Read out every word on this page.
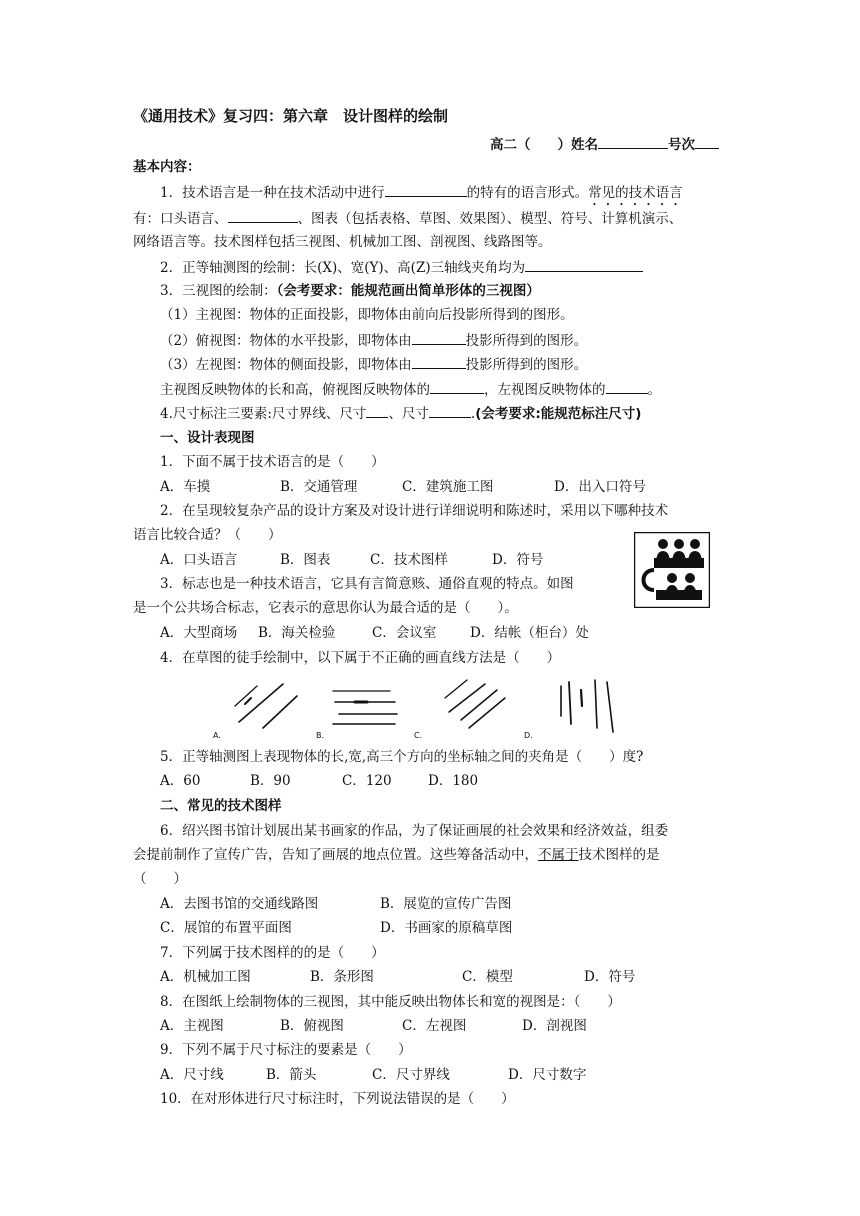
《通用技术》复习四：第六章　设计图样的绘制
高二（　　）姓名	号次
基本内容：
1．技术语言是一种在技术活动中进行	的特有的语言形式。常见的技术语言
有：口头语言、	、图表（包括表格、草图、效果图）、模型、符号、计算机演示、
网络语言等。技术图样包括三视图、机械加工图、剖视图、线路图等。
2．正等轴测图的绘制：长(X)、宽(Y)、高(Z)三轴线夹角均为
3．三视图的绘制：（会考要求：能规范画出简单形体的三视图）
（1）主视图：物体的正面投影，即物体由前向后投影所得到的图形。
（2）俯视图：物体的水平投影，即物体由	投影所得到的图形。
（3）左视图：物体的侧面投影，即物体由	投影所得到的图形。
主视图反映物体的长和高，俯视图反映物体的	，左视图反映物体的	。
4.尺寸标注三要素:尺寸界线、尺寸 、尺寸	.(会考要求:能规范标注尺寸)
一、设计表现图
1．下面不属于技术语言的是（　　）
A．车摸	B．交通管理	C．建筑施工图	D．出入口符号
2．在呈现较复杂产品的设计方案及对设计进行详细说明和陈述时，采用以下哪种技术
语言比较合适？（　　）
A．口头语言	B．图表	C．技术图样	D．符号
3．标志也是一种技术语言，它具有言简意赅、通俗直观的特点。如图
是一个公共场合标志，它表示的意思你认为最合适的是（　　）。
A．大型商场 B．海关检验	C．会议室 D．结帐（柜台）处
4．在草图的徒手绘制中，以下属于不正确的画直线方法是（　　）
A.	B.	C.	D.
5．正等轴测图上表现物体的长,宽,高三个方向的坐标轴之间的夹角是（　　）度?
A．60	B．90	C．120	D．180
二、常见的技术图样
6．绍兴图书馆计划展出某书画家的作品，为了保证画展的社会效果和经济效益，组委
会提前制作了宣传广告，告知了画展的地点位置。这些筹备活动中，不属于技术图样的是
（　　）
A．去图书馆的交通线路图	B．展览的宣传广告图
C．展馆的布置平面图	D．书画家的原稿草图
7．下列属于技术图样的的是（　　）
A．机械加工图	B．条形图	C．模型	D．符号
8．在图纸上绘制物体的三视图，其中能反映出物体长和宽的视图是：（　　）
A．主视图	B．俯视图	C．左视图	D．剖视图
9．下列不属于尺寸标注的要素是（　　）
A．尺寸线	B．箭头	C．尺寸界线	D．尺寸数字
10．在对形体进行尺寸标注时，下列说法错误的是（　　）
